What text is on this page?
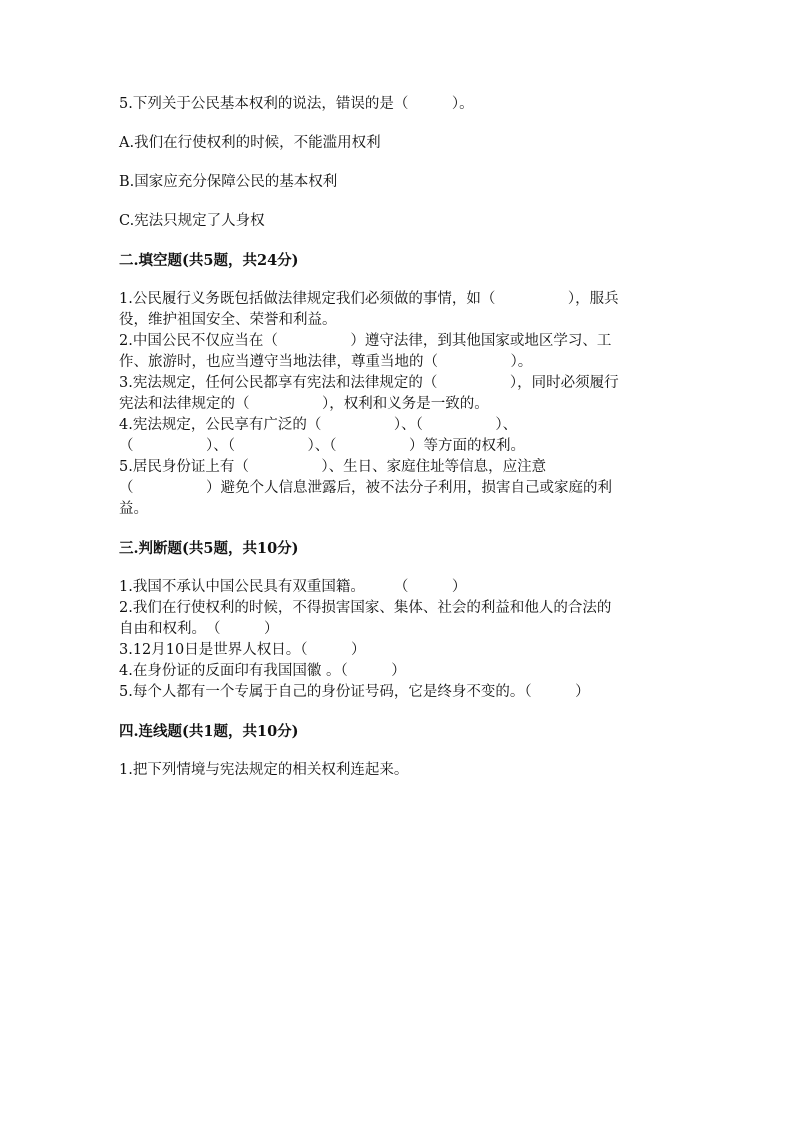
5.下列关于公民基本权利的说法，错误的是（　　　）。

A.我们在行使权利的时候，不能滥用权利

B.国家应充分保障公民的基本权利

C.宪法只规定了人身权

二.填空题(共5题，共24分)

1.公民履行义务既包括做法律规定我们必须做的事情，如（　　　　　），服兵

役，维护祖国安全、荣誉和利益。

2.中国公民不仅应当在（　　　　　）遵守法律，到其他国家或地区学习、工

作、旅游时，也应当遵守当地法律，尊重当地的（　　　　　）。

3.宪法规定，任何公民都享有宪法和法律规定的（　　　　　），同时必须履行

宪法和法律规定的（　　　　　），权利和义务是一致的。

4.宪法规定，公民享有广泛的（　　　　　）、（　　　　　）、

（　　　　　）、（　　　　　）、（　　　　　）等方面的权利。

5.居民身份证上有（　　　　　）、生日、家庭住址等信息，应注意

（　　　　　）避免个人信息泄露后，被不法分子利用，损害自己或家庭的利

益。

三.判断题(共5题，共10分)

1.我国不承认中国公民具有双重国籍。　　　（　　　）

2.我们在行使权利的时候，不得损害国家、集体、社会的利益和他人的合法的

自由和权利。　（　　　）

3.12月10日是世界人权日。（　　　）

4.在身份证的反面印有我国国徽 。（　　　）

5.每个人都有一个专属于自己的身份证号码，它是终身不变的。（　　　）

四.连线题(共1题，共10分)

1.把下列情境与宪法规定的相关权利连起来。
